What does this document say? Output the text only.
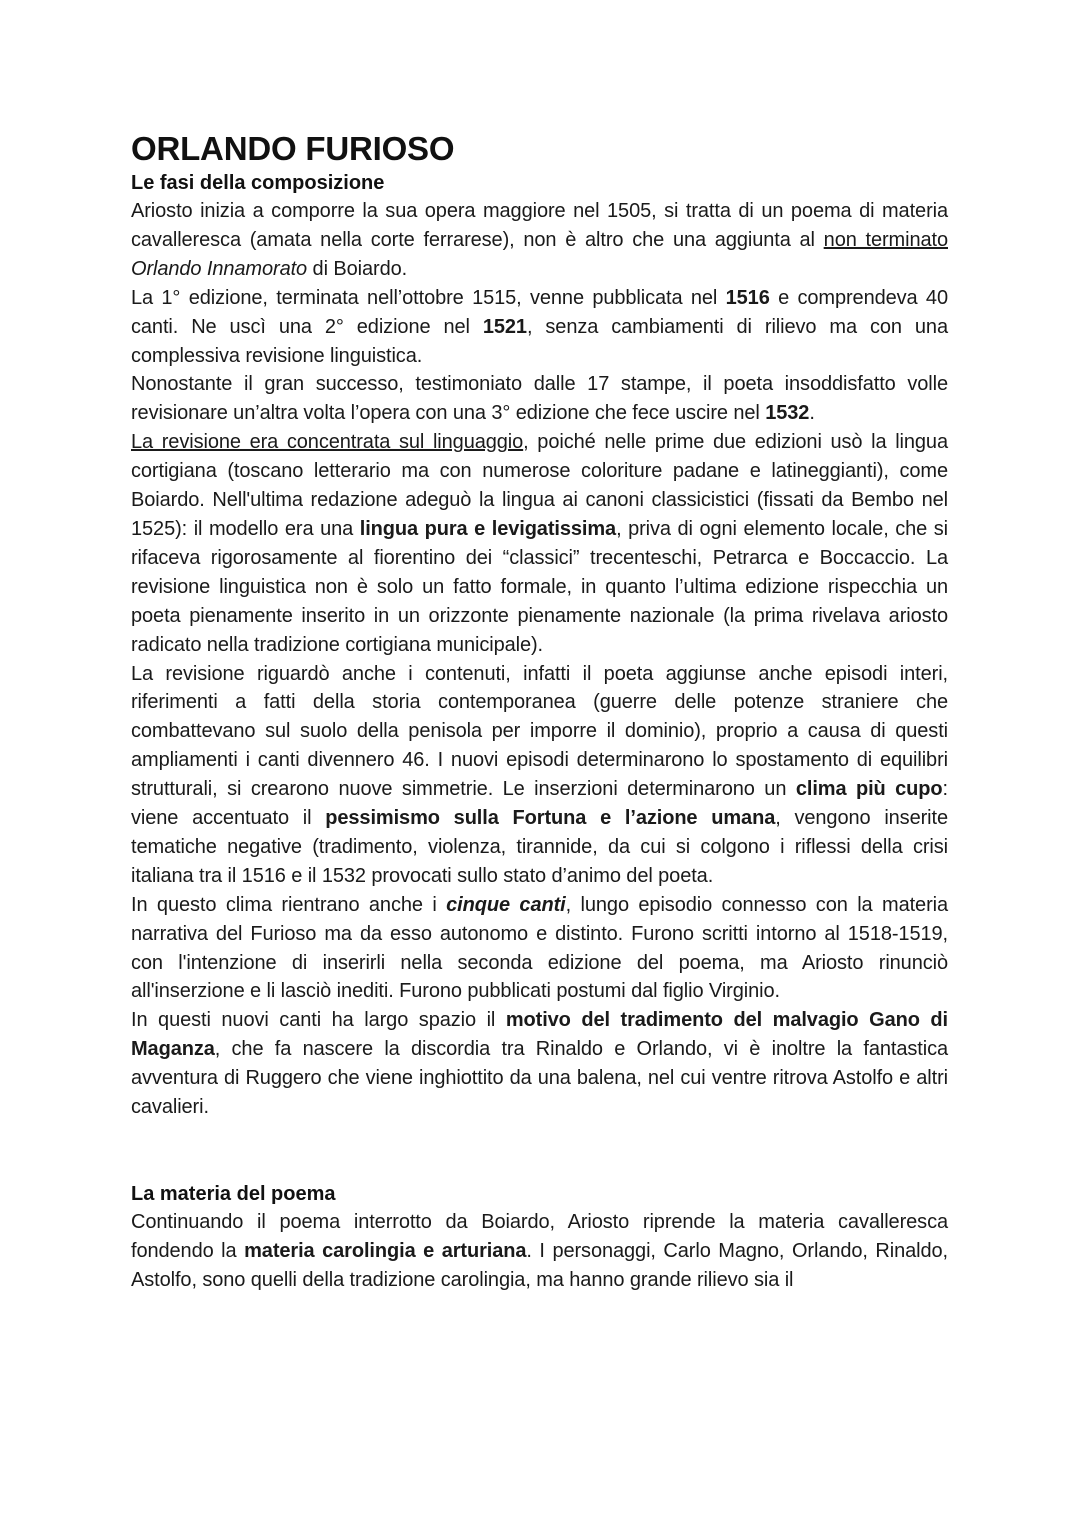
ORLANDO FURIOSO
Le fasi della composizione

Ariosto inizia a comporre la sua opera maggiore nel 1505, si tratta di un poema di materia cavalleresca (amata nella corte ferrarese), non è altro che una aggiunta al non terminato Orlando Innamorato di Boiardo.

La 1° edizione, terminata nell’ottobre 1515, venne pubblicata nel 1516 e comprendeva 40 canti. Ne uscì una 2° edizione nel 1521, senza cambiamenti di rilievo ma con una complessiva revisione linguistica.

Nonostante il gran successo, testimoniato dalle 17 stampe, il poeta insoddisfatto volle revisionare un’altra volta l’opera con una 3° edizione che fece uscire nel 1532.

La revisione era concentrata sul linguaggio, poiché nelle prime due edizioni usò la lingua cortigiana (toscano letterario ma con numerose coloriture padane e latineggianti), come Boiardo. Nell'ultima redazione adeguò la lingua ai canoni classicistici (fissati da Bembo nel 1525): il modello era una lingua pura e levigatissima, priva di ogni elemento locale, che si rifaceva rigorosamente al fiorentino dei “classici” trecenteschi, Petrarca e Boccaccio. La revisione linguistica non è solo un fatto formale, in quanto l’ultima edizione rispecchia un poeta pienamente inserito in un orizzonte pienamente nazionale (la prima rivelava ariosto radicato nella tradizione cortigiana municipale).

La revisione riguardò anche i contenuti, infatti il poeta aggiunse anche episodi interi, riferimenti a fatti della storia contemporanea (guerre delle potenze straniere che combattevano sul suolo della penisola per imporre il dominio), proprio a causa di questi ampliamenti i canti divennero 46. I nuovi episodi determinarono lo spostamento di equilibri strutturali, si crearono nuove simmetrie. Le inserzioni determinarono un clima più cupo: viene accentuato il pessimismo sulla Fortuna e l’azione umana, vengono inserite tematiche negative (tradimento, violenza, tirannide, da cui si colgono i riflessi della crisi italiana tra il 1516 e il 1532 provocati sullo stato d’animo del poeta.

In questo clima rientrano anche i cinque canti, lungo episodio connesso con la materia narrativa del Furioso ma da esso autonomo e distinto. Furono scritti intorno al 1518-1519, con l'intenzione di inserirli nella seconda edizione del poema, ma Ariosto rinunciò all'inserzione e li lasciò inediti. Furono pubblicati postumi dal figlio Virginio.

In questi nuovi canti ha largo spazio il motivo del tradimento del malvagio Gano di Maganza, che fa nascere la discordia tra Rinaldo e Orlando, vi è inoltre la fantastica avventura di Ruggero che viene inghiottito da una balena, nel cui ventre ritrova Astolfo e altri cavalieri.

La materia del poema

Continuando il poema interrotto da Boiardo, Ariosto riprende la materia cavalleresca fondendo la materia carolingia e arturiana. I personaggi, Carlo Magno, Orlando, Rinaldo, Astolfo, sono quelli della tradizione carolingia, ma hanno grande rilievo sia il
